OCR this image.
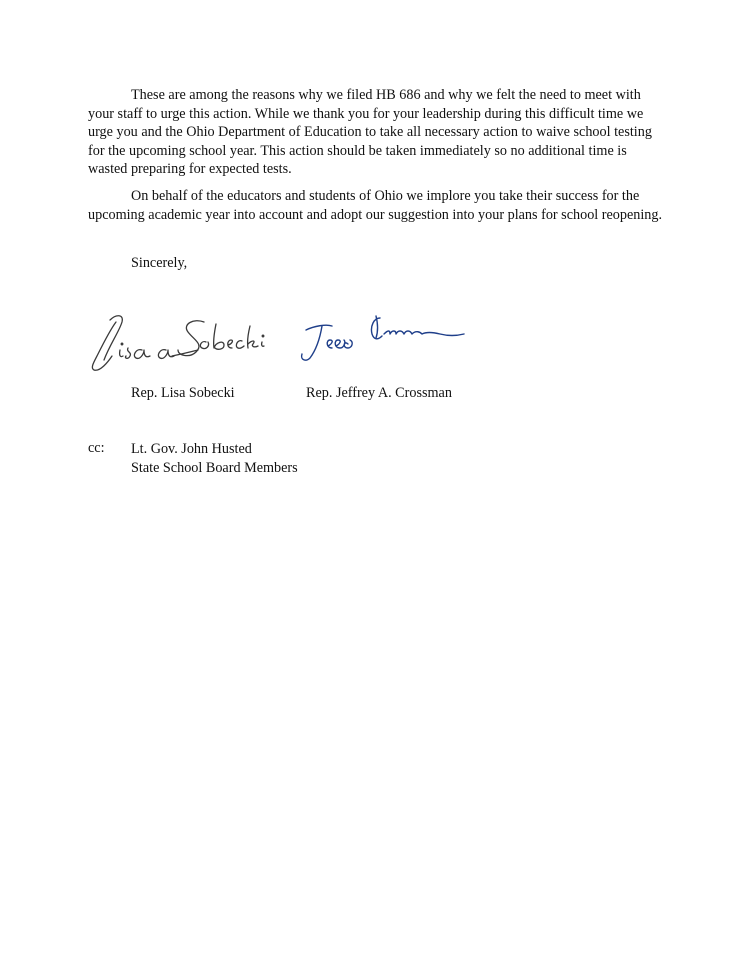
These are among the reasons why we filed HB 686 and why we felt the need to meet with your staff to urge this action. While we thank you for your leadership during this difficult time we urge you and the Ohio Department of Education to take all necessary action to waive school testing for the upcoming school year. This action should be taken immediately so no additional time is wasted preparing for expected tests.

On behalf of the educators and students of Ohio we implore you take their success for the upcoming academic year into account and adopt our suggestion into your plans for school reopening.

Sincerely,

Rep. Lisa Sobecki	Rep. Jeffrey A. Crossman

cc: Lt. Gov. John Husted
State School Board Members
